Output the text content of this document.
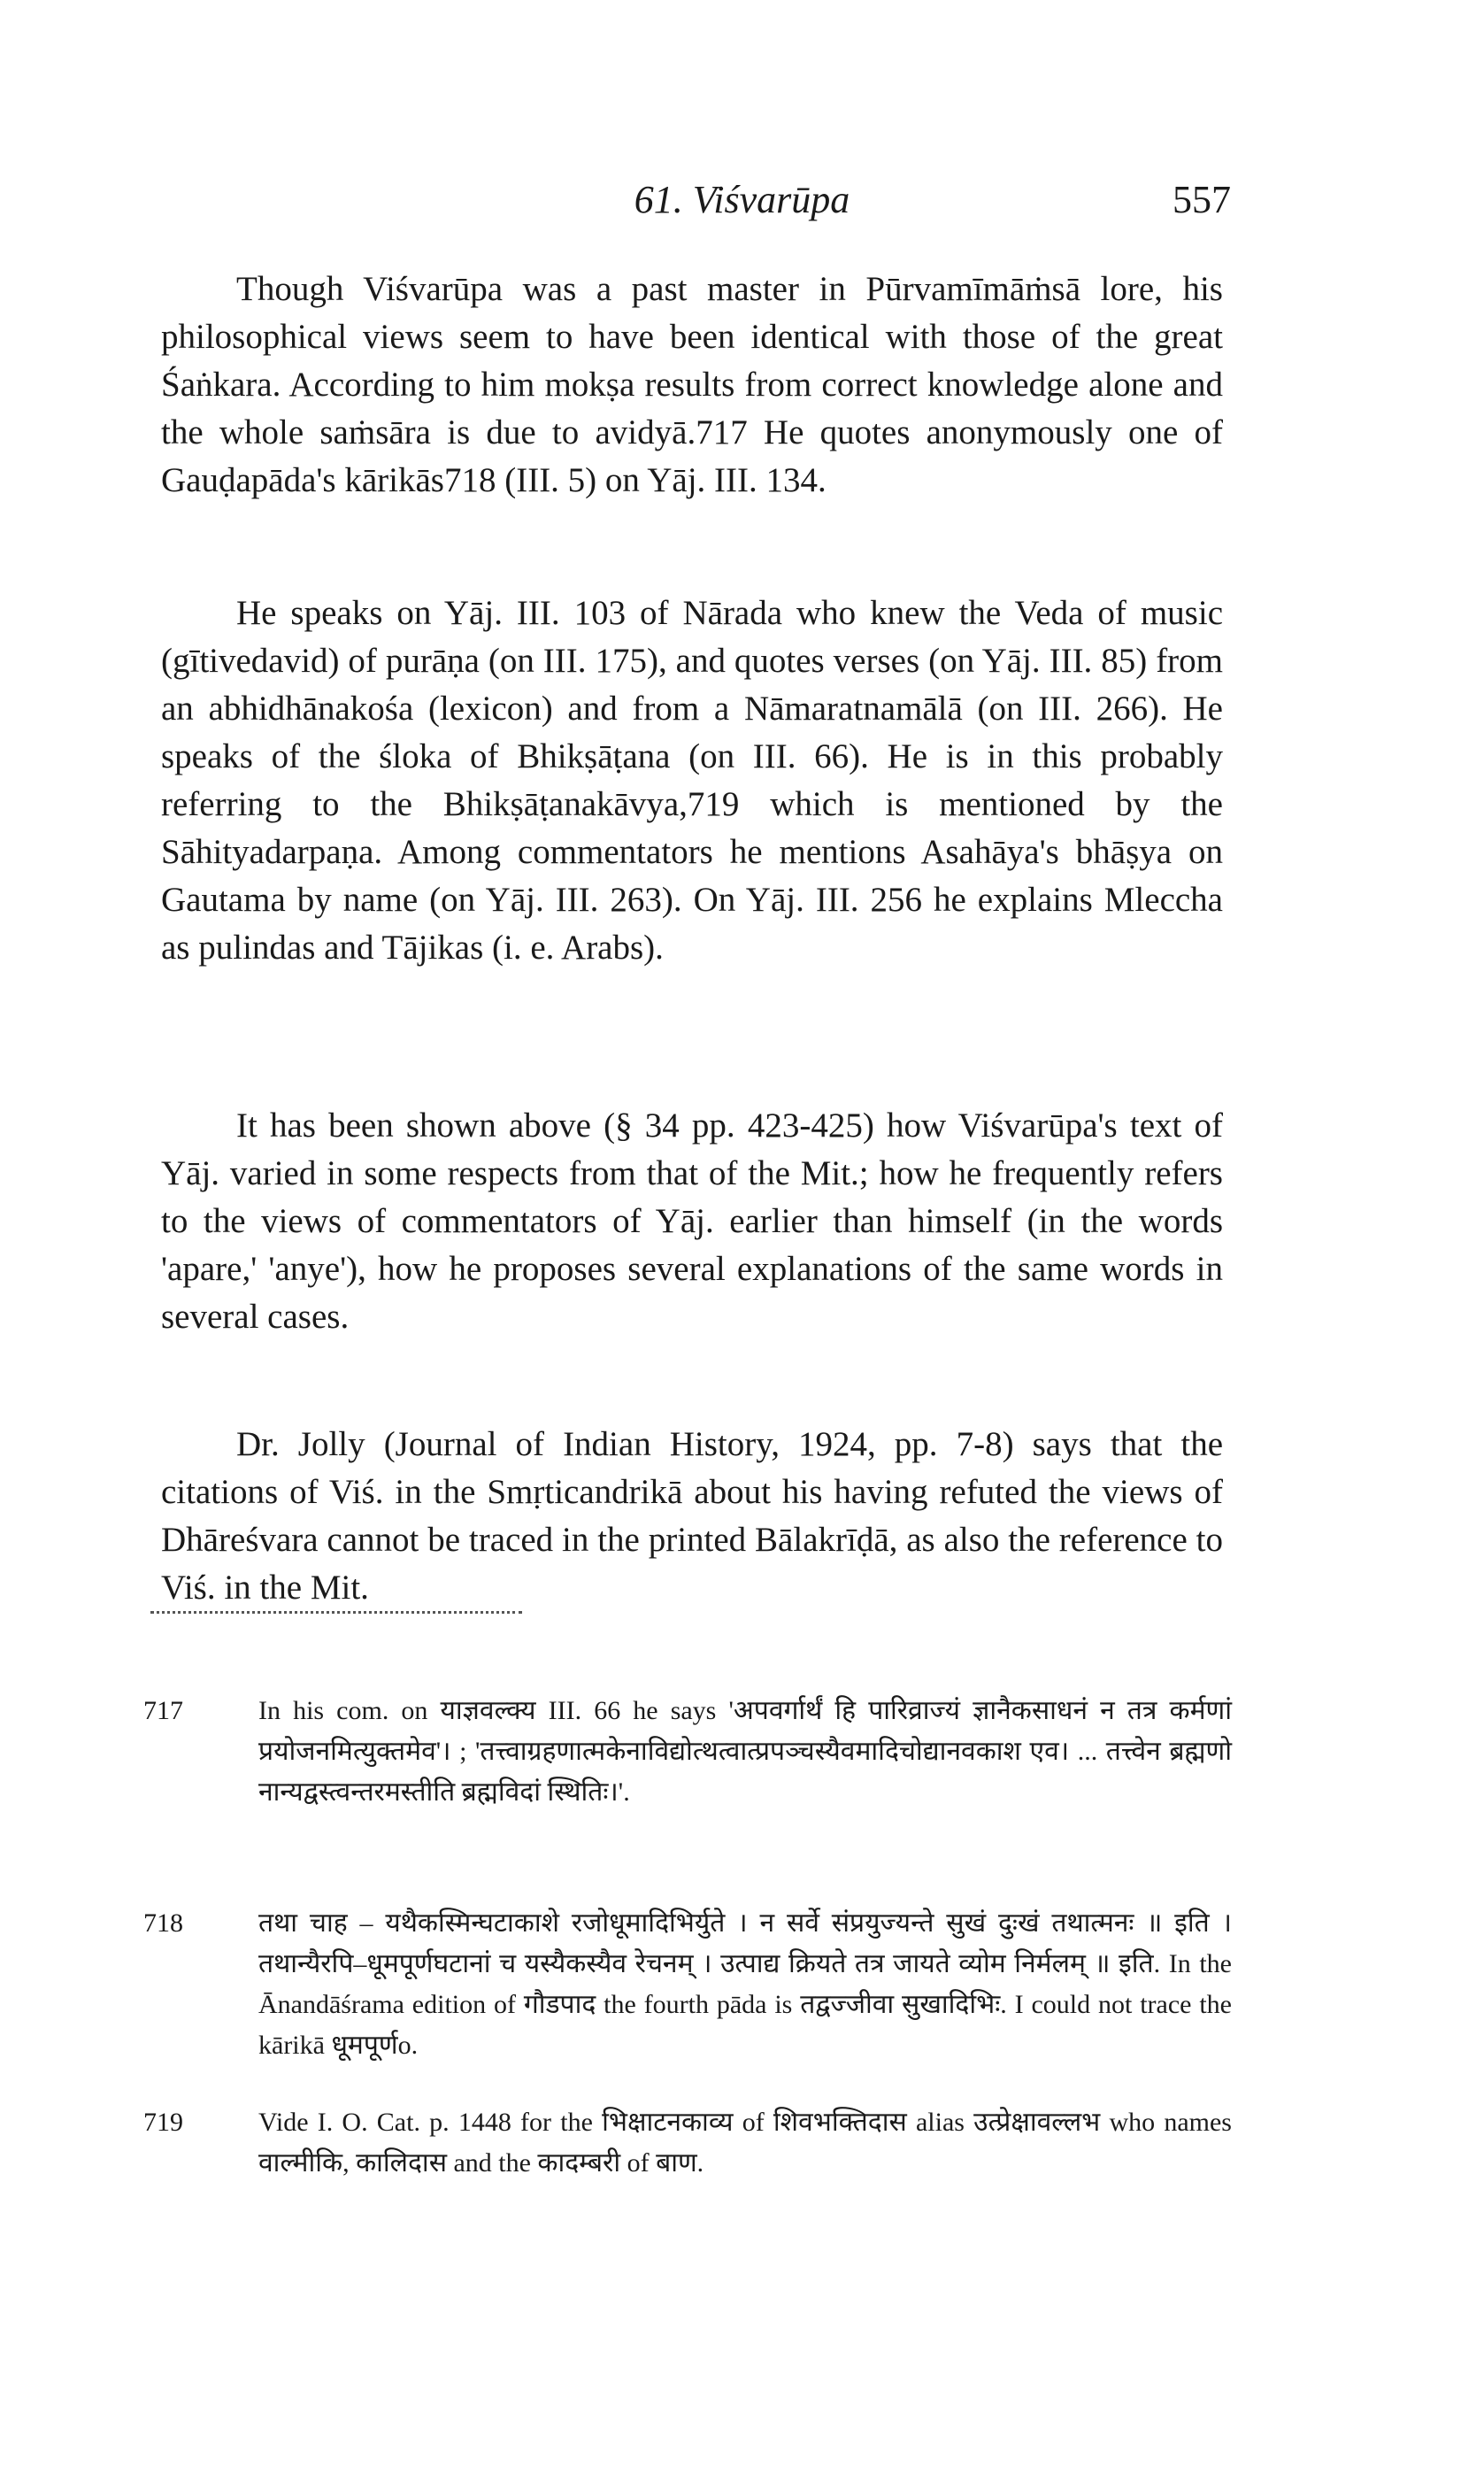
61. Viśvarūpa	557

Though Viśvarūpa was a past master in Pūrvamīmāṁsā lore, his philosophical views seem to have been identical with those of the great Śaṅkara. According to him mokṣa results from correct knowledge alone and the whole saṁsāra is due to avidyā.717 He quotes anonymously one of Gauḍapāda's kārikās718 (III. 5) on Yāj. III. 134.

He speaks on Yāj. III. 103 of Nārada who knew the Veda of music (gītivedavid) of purāṇa (on III. 175), and quotes verses (on Yāj. III. 85) from an abhidhānakośa (lexicon) and from a Nāmaratnamālā (on III. 266). He speaks of the śloka of Bhikṣāṭana (on III. 66). He is in this probably referring to the Bhikṣāṭanakāvya,719 which is mentioned by the Sāhityadarpaṇa. Among commentators he mentions Asahāya's bhāṣya on Gautama by name (on Yāj. III. 263). On Yāj. III. 256 he explains Mleccha as pulindas and Tājikas (i. e. Arabs).

It has been shown above (§ 34 pp. 423-425) how Viśvarūpa's text of Yāj. varied in some respects from that of the Mit.; how he frequently refers to the views of commentators of Yāj. earlier than himself (in the words 'apare,' 'anye'), how he proposes several explanations of the same words in several cases.

Dr. Jolly (Journal of Indian History, 1924, pp. 7-8) says that the citations of Viś. in the Smṛticandrikā about his having refuted the views of Dhāreśvara cannot be traced in the printed Bālakrīḍā, as also the reference to Viś. in the Mit.

717	In his com. on याज्ञवल्क्य III. 66 he says 'अपवर्गार्थं हि पारिव्राज्यं ज्ञानैकसाधनं न तत्र कर्मणां प्रयोजनमित्युक्तमेव'। ; 'तत्त्वाग्रहणात्मकेनाविद्योत्थत्वात्प्रपञ्चस्यैवमादिचोद्यानवकाश एव। ... तत्त्वेन ब्रह्मणो नान्यद्वस्त्वन्तरमस्तीति ब्रह्मविदां स्थितिः।'.
718	तथा चाह – यथैकस्मिन्घटाकाशे रजोधूमादिभिर्युते । न सर्वे संप्रयुज्यन्ते सुखं दुःखं तथात्मनः ॥ इति । तथान्यैरपि–धूमपूर्णघटानां च यस्यैकस्यैव रेचनम् । उत्पाद्य क्रियते तत्र जायते व्योम निर्मलम् ॥ इति. In the Ānandāśrama edition of गौडपाद the fourth pāda is तद्वज्जीवा सुखादिभिः. I could not trace the kārikā धूमपूर्णo.
719	Vide I. O. Cat. p. 1448 for the भिक्षाटनकाव्य of शिवभक्तिदास alias उत्प्रेक्षावल्लभ who names वाल्मीकि, कालिदास and the कादम्बरी of बाण.
